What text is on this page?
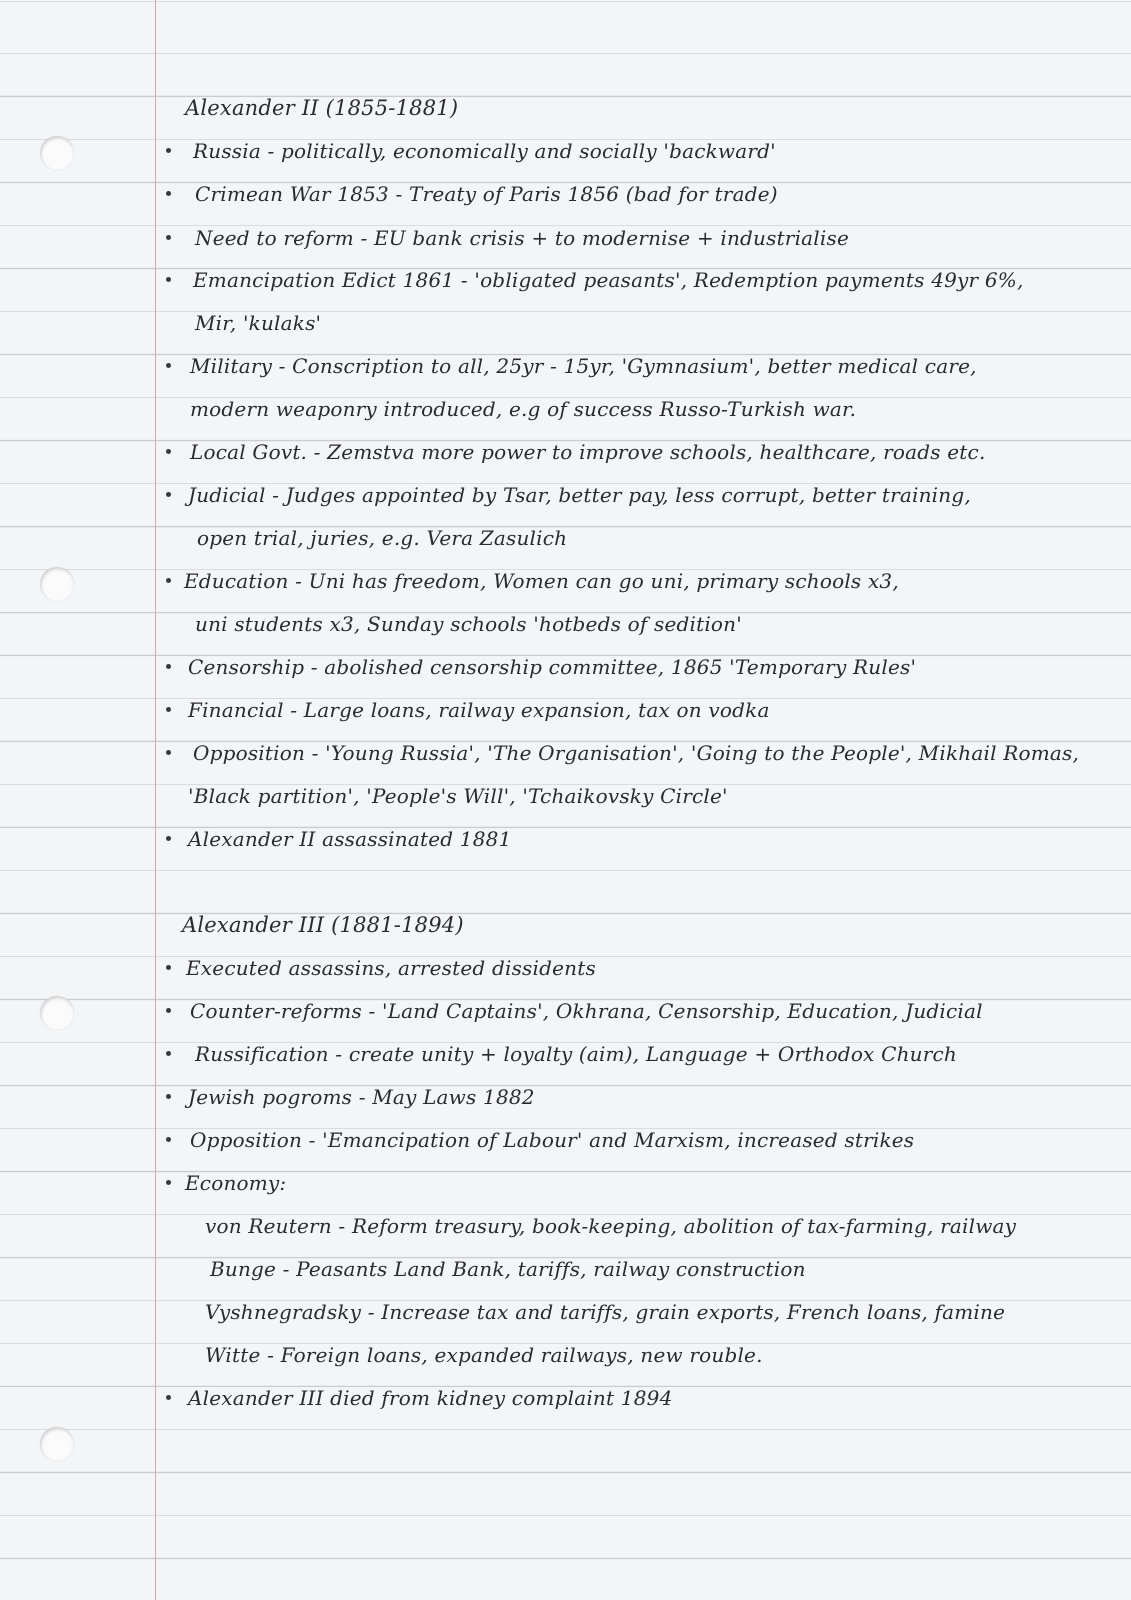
Alexander II (1855-1881)
Russia - politically, economically and socially 'backward'
Crimean War 1853 - Treaty of Paris 1856 (bad for trade)
Need to reform - EU bank crisis + to modernise + industrialise
Emancipation Edict 1861 - 'obligated peasants', Redemption payments 49yr 6%,
Mir, 'kulaks'
Military - Conscription to all, 25yr - 15yr, 'Gymnasium', better medical care,
modern weaponry introduced, e.g of success Russo-Turkish war.
Local Govt. - Zemstva more power to improve schools, healthcare, roads etc.
Judicial - Judges appointed by Tsar, better pay, less corrupt, better training,
open trial, juries, e.g. Vera Zasulich
Education - Uni has freedom, Women can go uni, primary schools x3,
uni students x3, Sunday schools 'hotbeds of sedition'
Censorship - abolished censorship committee, 1865 'Temporary Rules'
Financial - Large loans, railway expansion, tax on vodka
Opposition - 'Young Russia', 'The Organisation', 'Going to the People', Mikhail Romas,
'Black partition', 'People's Will', 'Tchaikovsky Circle'
Alexander II assassinated 1881
Alexander III (1881-1894)
Executed assassins, arrested dissidents
Counter-reforms - 'Land Captains', Okhrana, Censorship, Education, Judicial
Russification - create unity + loyalty (aim), Language + Orthodox Church
Jewish pogroms - May Laws 1882
Opposition - 'Emancipation of Labour' and Marxism, increased strikes
Economy:
von Reutern - Reform treasury, book-keeping, abolition of tax-farming, railway
Bunge - Peasants Land Bank, tariffs, railway construction
Vyshnegradsky - Increase tax and tariffs, grain exports, French loans, famine
Witte - Foreign loans, expanded railways, new rouble.
Alexander III died from kidney complaint 1894
